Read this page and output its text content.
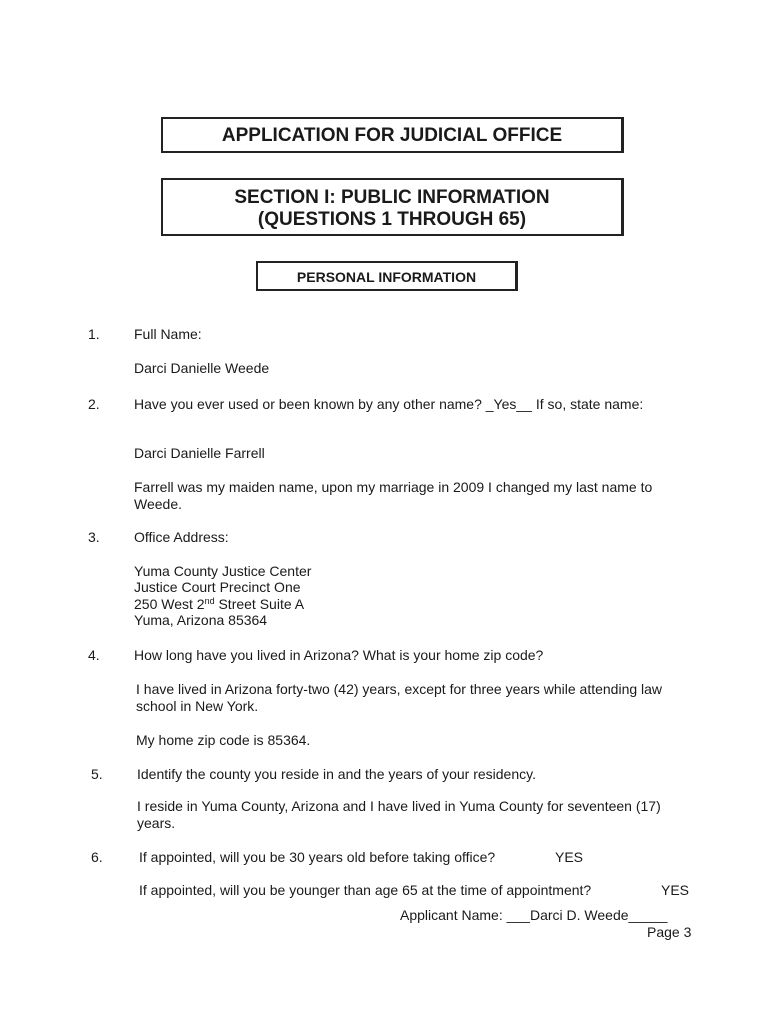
APPLICATION FOR JUDICIAL OFFICE
SECTION I: PUBLIC INFORMATION
(QUESTIONS 1 THROUGH 65)
PERSONAL INFORMATION
1. Full Name:
Darci Danielle Weede
2. Have you ever used or been known by any other name? _Yes__ If so, state name:
Darci Danielle Farrell
Farrell was my maiden name, upon my marriage in 2009 I changed my last name to Weede.
3. Office Address:
Yuma County Justice Center
Justice Court Precinct One
250 West 2nd Street Suite A
Yuma, Arizona 85364
4. How long have you lived in Arizona? What is your home zip code?
I have lived in Arizona forty-two (42) years, except for three years while attending law school in New York.
My home zip code is 85364.
5. Identify the county you reside in and the years of your residency.
I reside in Yuma County, Arizona and I have lived in Yuma County for seventeen (17) years.
6.	If appointed, will you be 30 years old before taking office?	YES
If appointed, will you be younger than age 65 at the time of appointment?	YES
Applicant Name: ___Darci D. Weede_____
Page 3
